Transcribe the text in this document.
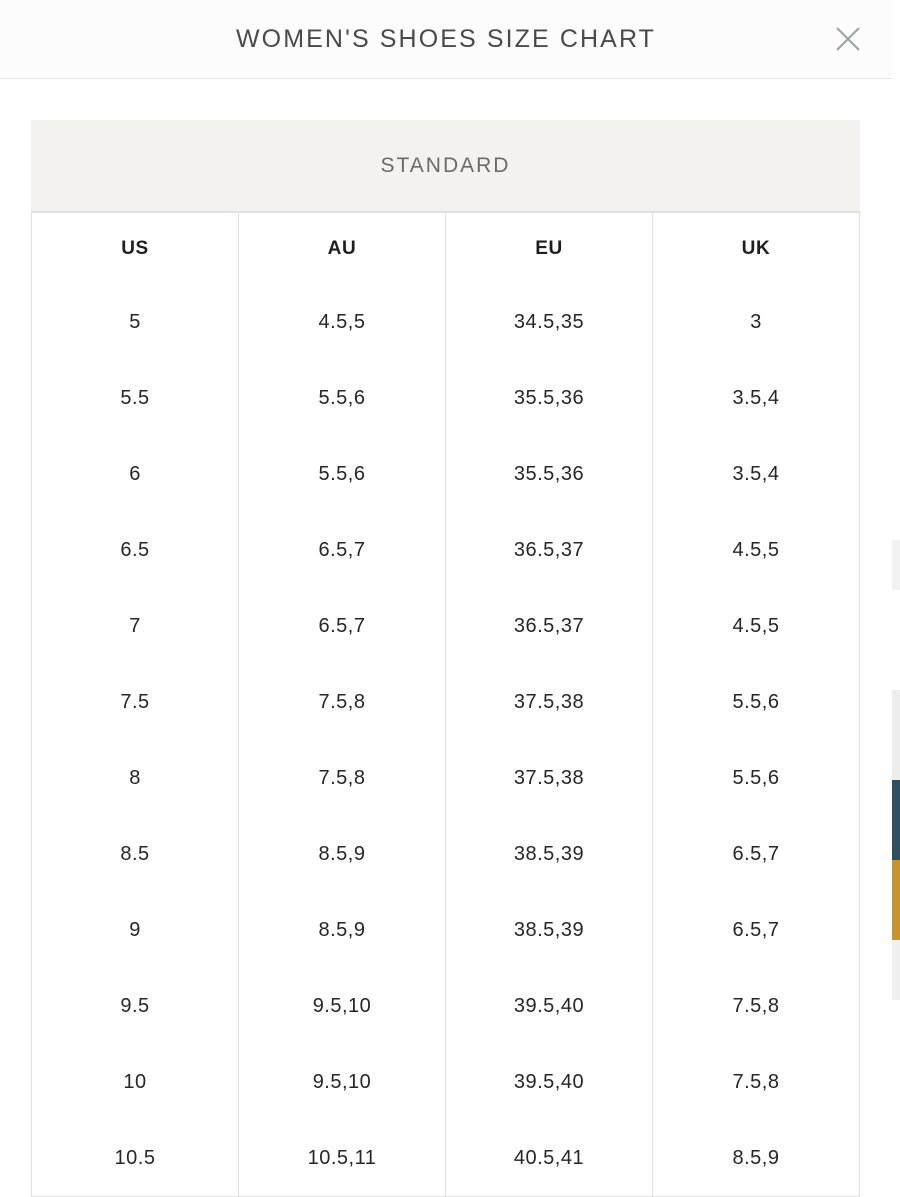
WOMEN'S SHOES SIZE CHART
STANDARD
US	AU	EU	UK
5	4.5,5	34.5,35	3
5.5	5.5,6	35.5,36	3.5,4
6	5.5,6	35.5,36	3.5,4
6.5	6.5,7	36.5,37	4.5,5
7	6.5,7	36.5,37	4.5,5
7.5	7.5,8	37.5,38	5.5,6
8	7.5,8	37.5,38	5.5,6
8.5	8.5,9	38.5,39	6.5,7
9	8.5,9	38.5,39	6.5,7
9.5	9.5,10	39.5,40	7.5,8
10	9.5,10	39.5,40	7.5,8
10.5	10.5,11	40.5,41	8.5,9
